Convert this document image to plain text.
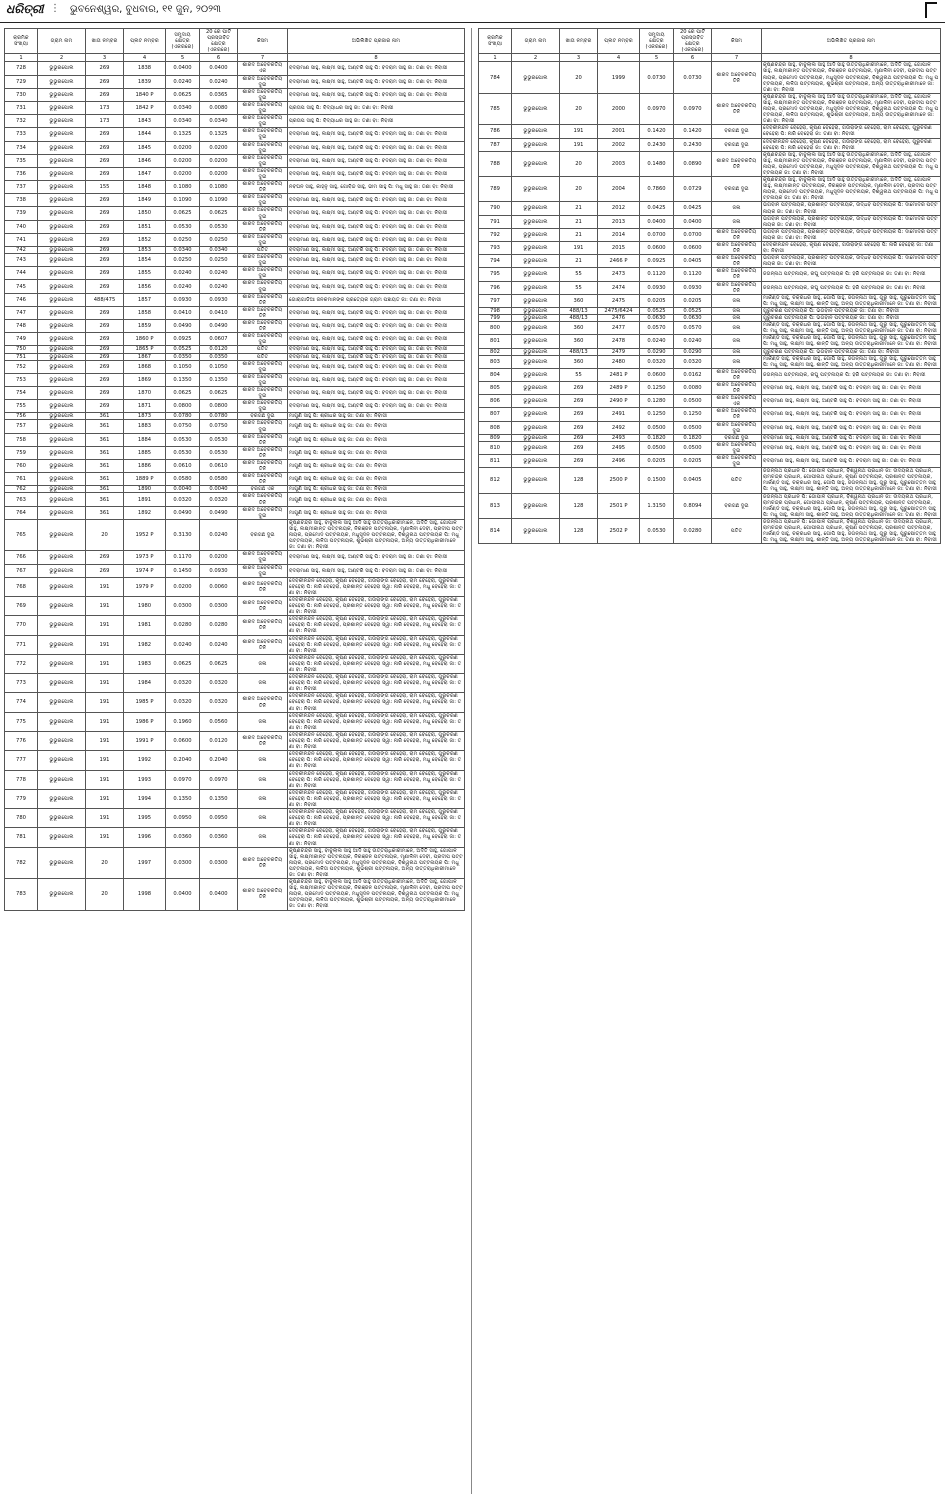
ଧରିତ୍ରୀ ⋮ ଭୁବନେଶ୍ୱର, ବୁଧବାର, ୧୧ ଜୁନ, ୨୦୨୩
କ୍ରମିକ ସଂଖ୍ୟା	ଗ୍ରାମ ନାମ	ଖାତା ନମ୍ବର	ପ୍ଲଟ ନମ୍ବର	ସମୁଦାୟ କ୍ଷେତ୍ର (ଏକରରେ)	20 ରେ ପାର୍ଟି ପ୍ରସ୍ତାବିତ କ୍ଷେତ୍ର (ଏକରରେ)	କିସମ	ଅଭିଲିଖିତ ପ୍ରଜାର ନାମ
1	2	3	4	5	6	7	8
728	ଭୁଭୁରପୋଲ	269	1838	0.0400	0.0400	ଶାରଦ ଅବେଚକତିୟ ଏକ	ବଦରାମାଣ ସାହୁ, ଲକ୍ଷ୍ମୀ ସାହୁ, ଅଣ୍ଟରି ସାହୁ ପି: ବଦରାମ ସାହୁ ଜା: ତଣା ବା: ନିବାସୀ
729	ଭୁଭୁରପୋଲ	269	1839	0.0240	0.0240	ଶାରଦ ଅବେଚକତିୟ ଦୁଇ	ବଦରାମାଣ ସାହୁ, ଲକ୍ଷ୍ମୀ ସାହୁ, ଅଣ୍ଟରି ସାହୁ ପି: ବଦରାମ ସାହୁ ଜା: ତଣା ବା: ନିବାସୀ
730	ଭୁଭୁରପୋଲ	269	1840 P	0.0625	0.0365	ଶାରଦ ଅବେଚକତିୟ ଦୁଇ	ବଦରାମାଣ ସାହୁ, ଲକ୍ଷ୍ମୀ ସାହୁ, ଅଣ୍ଟରି ସାହୁ ପି: ବଦରାମ ସାହୁ ଜା: ତଣା ବା: ନିବାସୀ
731	ଭୁଭୁରପୋଲ	173	1842 P	0.0340	0.0080	ଶାରଦ ଅବେଚକତିୟ ଦୁଇ	ପ୍ରତାପ ସାହୁ ପି: ବିଦ୍ୟାଧର ସାହୁ ଜା: ତଣା ବା: ନିବାସୀ
732	ଭୁଭୁରପୋଲ	173	1843	0.0340	0.0340	ଶାରଦ ଅବେଚକତିୟ ଦୁଇ	ପ୍ରତାପ ସାହୁ ପି: ବିଦ୍ୟାଧର ସାହୁ ଜା: ତଣା ବା: ନିବାସୀ
733	ଭୁଭୁରପୋଲ	269	1844	0.1325	0.1325	ଶାରଦ ଅବେଚକତିୟ ଦୁଇ	ବଦରାମାଣ ସାହୁ, ଲକ୍ଷ୍ମୀ ସାହୁ, ଅଣ୍ଟରି ସାହୁ ପି: ବଦରାମ ସାହୁ ଜା: ତଣା ବା: ନିବାସୀ
734	ଭୁଭୁରପୋଲ	269	1845	0.0200	0.0200	ଶାରଦ ଅବେଚକତିୟ ଦୁଇ	ବଦରାମାଣ ସାହୁ, ଲକ୍ଷ୍ମୀ ସାହୁ, ଅଣ୍ଟରି ସାହୁ ପି: ବଦରାମ ସାହୁ ଜା: ତଣା ବା: ନିବାସୀ
735	ଭୁଭୁରପୋଲ	269	1846	0.0200	0.0200	ଶାରଦ ଅବେଚକତିୟ ଦୁଇ	ବଦରାମାଣ ସାହୁ, ଲକ୍ଷ୍ମୀ ସାହୁ, ଅଣ୍ଟରି ସାହୁ ପି: ବଦରାମ ସାହୁ ଜା: ତଣା ବା: ନିବାସୀ
736	ଭୁଭୁରପୋଲ	269	1847	0.0200	0.0200	ଶାରଦ ଅବେଚକତିୟ ଦୁଇ	ବଦରାମାଣ ସାହୁ, ଲକ୍ଷ୍ମୀ ସାହୁ, ଅଣ୍ଟରି ସାହୁ ପି: ବଦରାମ ସାହୁ ଜା: ତଣା ବା: ନିବାସୀ
737	ଭୁଭୁରପୋଲ	155	1848	0.1080	0.1080	ଶାରଦ ଅବେଚକତିୟ ତିନି	ନବଘନ ସାହୁ, କାହ୍ନୁ ସାହୁ, ଗୋବିନ୍ଦ ସାହୁ, ଭୀମ ସାହୁ ପି: ମଧୁ ସାହୁ ଜା: ତଣା ବା: ନିବାସୀ
738	ଭୁଭୁରପୋଲ	269	1849	0.1090	0.1090	ଶାରଦ ଅବେଚକତିୟ ଦୁଇ	ବଦରାମାଣ ସାହୁ, ଲକ୍ଷ୍ମୀ ସାହୁ, ଅଣ୍ଟରି ସାହୁ ପି: ବଦରାମ ସାହୁ ଜା: ତଣା ବା: ନିବାସୀ
739	ଭୁଭୁରପୋଲ	269	1850	0.0625	0.0625	ଶାରଦ ଅବେଚକତିୟ ଦୁଇ	ବଦରାମାଣ ସାହୁ, ଲକ୍ଷ୍ମୀ ସାହୁ, ଅଣ୍ଟରି ସାହୁ ପି: ବଦରାମ ସାହୁ ଜା: ତଣା ବା: ନିବାସୀ
740	ଭୁଭୁରପୋଲ	269	1851	0.0530	0.0530	ଶାରଦ ଅବେଚକତିୟ ତିନି	ବଦରାମାଣ ସାହୁ, ଲକ୍ଷ୍ମୀ ସାହୁ, ଅଣ୍ଟରି ସାହୁ ପି: ବଦରାମ ସାହୁ ଜା: ତଣା ବା: ନିବାସୀ
741	ଭୁଭୁରପୋଲ	269	1852	0.0250	0.0250	ଶାରଦ ଅବେଚକତିୟ ଦୁଇ	ବଦରାମାଣ ସାହୁ, ଲକ୍ଷ୍ମୀ ସାହୁ, ଅଣ୍ଟରି ସାହୁ ପି: ବଦରାମ ସାହୁ ଜା: ତଣା ବା: ନିବାସୀ
742	ଭୁଭୁରପୋଲ	269	1853	0.0340	0.0340	ପତିତ	ବଦରାମାଣ ସାହୁ, ଲକ୍ଷ୍ମୀ ସାହୁ, ଅଣ୍ଟରି ସାହୁ ପି: ବଦରାମ ସାହୁ ଜା: ତଣା ବା: ନିବାସୀ
743	ଭୁଭୁରପୋଲ	269	1854	0.0250	0.0250	ଶାରଦ ଅବେଚକତିୟ ଦୁଇ	ବଦରାମାଣ ସାହୁ, ଲକ୍ଷ୍ମୀ ସାହୁ, ଅଣ୍ଟରି ସାହୁ ପି: ବଦରାମ ସାହୁ ଜା: ତଣା ବା: ନିବାସୀ
744	ଭୁଭୁରପୋଲ	269	1855	0.0240	0.0240	ଶାରଦ ଅବେଚକତିୟ ଦୁଇ	ବଦରାମାଣ ସାହୁ, ଲକ୍ଷ୍ମୀ ସାହୁ, ଅଣ୍ଟରି ସାହୁ ପି: ବଦରାମ ସାହୁ ଜା: ତଣା ବା: ନିବାସୀ
745	ଭୁଭୁରପୋଲ	269	1856	0.0240	0.0240	ଶାରଦ ଅବେଚକତିୟ ଦୁଇ	ବଦରାମାଣ ସାହୁ, ଲକ୍ଷ୍ମୀ ସାହୁ, ଅଣ୍ଟରି ସାହୁ ପି: ବଦରାମ ସାହୁ ଜା: ତଣା ବା: ନିବାସୀ
746	ଭୁଭୁରପୋଲ	488/475	1857	0.0930	0.0930	ଶାରଦ ଅବେଚକତିୟ ତିନି	ଗୋରାଗାଡିଆ ଜନକମାନଙ୍କ ପ୍ରତ୍ୟେକ ଗ୍ରାମ ପଞ୍ଚାୟତ ଜା: ତଣା ବା: ନିବାସୀ
747	ଭୁଭୁରପୋଲ	269	1858	0.0410	0.0410	ଶାରଦ ଅବେଚକତିୟ ତିନି	ବଦରାମାଣ ସାହୁ, ଲକ୍ଷ୍ମୀ ସାହୁ, ଅଣ୍ଟରି ସାହୁ ପି: ବଦରାମ ସାହୁ ଜା: ତଣା ବା: ନିବାସୀ
748	ଭୁଭୁରପୋଲ	269	1859	0.0490	0.0490	ଶାରଦ ଅବେଚକତିୟ ତିନି	ବଦରାମାଣ ସାହୁ, ଲକ୍ଷ୍ମୀ ସାହୁ, ଅଣ୍ଟରି ସାହୁ ପି: ବଦରାମ ସାହୁ ଜା: ତଣା ବା: ନିବାସୀ
749	ଭୁଭୁରପୋଲ	269	1860 P	0.0925	0.0607	ଶାରଦ ଅବେଚକତିୟ ଦୁଇ	ବଦରାମାଣ ସାହୁ, ଲକ୍ଷ୍ମୀ ସାହୁ, ଅଣ୍ଟରି ସାହୁ ପି: ବଦରାମ ସାହୁ ଜା: ତଣା ବା: ନିବାସୀ
750	ଭୁଭୁରପୋଲ	269	1865 P	0.0525	0.0120	ପତିତ	ବଦରାମାଣ ସାହୁ, ଲକ୍ଷ୍ମୀ ସାହୁ, ଅଣ୍ଟରି ସାହୁ ପି: ବଦରାମ ସାହୁ ଜା: ତଣା ବା: ନିବାସୀ
751	ଭୁଭୁରପୋଲ	269	1867	0.0350	0.0350	ପତିତ	ବଦରାମାଣ ସାହୁ, ଲକ୍ଷ୍ମୀ ସାହୁ, ଅଣ୍ଟରି ସାହୁ ପି: ବଦରାମ ସାହୁ ଜା: ତଣା ବା: ନିବାସୀ
752	ଭୁଭୁରପୋଲ	269	1868	0.1050	0.1050	ଶାରଦ ଅବେଚକତିୟ ଦୁଇ	ବଦରାମାଣ ସାହୁ, ଲକ୍ଷ୍ମୀ ସାହୁ, ଅଣ୍ଟରି ସାହୁ ପି: ବଦରାମ ସାହୁ ଜା: ତଣା ବା: ନିବାସୀ
753	ଭୁଭୁରପୋଲ	269	1869	0.1350	0.1350	ଶାରଦ ଅବେଚକତିୟ ଦୁଇ	ବଦରାମାଣ ସାହୁ, ଲକ୍ଷ୍ମୀ ସାହୁ, ଅଣ୍ଟରି ସାହୁ ପି: ବଦରାମ ସାହୁ ଜା: ତଣା ବା: ନିବାସୀ
754	ଭୁଭୁରପୋଲ	269	1870	0.0625	0.0625	ଶାରଦ ଅବେଚକତିୟ ଦୁଇ	ବଦରାମାଣ ସାହୁ, ଲକ୍ଷ୍ମୀ ସାହୁ, ଅଣ୍ଟରି ସାହୁ ପି: ବଦରାମ ସାହୁ ଜା: ତଣା ବା: ନିବାସୀ
755	ଭୁଭୁରପୋଲ	269	1871	0.0800	0.0800	ଶାରଦ ଅବେଚକତିୟ ଦୁଇ	ବଦରାମାଣ ସାହୁ, ଲକ୍ଷ୍ମୀ ସାହୁ, ଅଣ୍ଟରି ସାହୁ ପି: ବଦରାମ ସାହୁ ଜା: ତଣା ବା: ନିବାସୀ
756	ଭୁଭୁରପୋଲ	361	1873	0.0780	0.0780	ବରଗଛ ଦୁଇ	ମାଗୁଣି ସାହୁ ପି: ଶ୍ରୀଧର ସାହୁ ଜା: ତଣା ବା: ନିବାସୀ
757	ଭୁଭୁରପୋଲ	361	1883	0.0750	0.0750	ଶାରଦ ଅବେଚକତିୟ ଦୁଇ	ମାଗୁଣି ସାହୁ ପି: ଶ୍ରୀଧର ସାହୁ ଜା: ତଣା ବା: ନିବାସୀ
758	ଭୁଭୁରପୋଲ	361	1884	0.0530	0.0530	ଶାରଦ ଅବେଚକତିୟ ତିନି	ମାଗୁଣି ସାହୁ ପି: ଶ୍ରୀଧର ସାହୁ ଜା: ତଣା ବା: ନିବାସୀ
759	ଭୁଭୁରପୋଲ	361	1885	0.0530	0.0530	ଶାରଦ ଅବେଚକତିୟ ତିନି	ମାଗୁଣି ସାହୁ ପି: ଶ୍ରୀଧର ସାହୁ ଜା: ତଣା ବା: ନିବାସୀ
760	ଭୁଭୁରପୋଲ	361	1886	0.0610	0.0610	ଶାରଦ ଅବେଚକତିୟ ତିନି	ମାଗୁଣି ସାହୁ ପି: ଶ୍ରୀଧର ସାହୁ ଜା: ତଣା ବା: ନିବାସୀ
761	ଭୁଭୁରପୋଲ	361	1889 P	0.0580	0.0580	ଶାରଦ ଅବେଚକତିୟ ତିନି	ମାଗୁଣି ସାହୁ ପି: ଶ୍ରୀଧର ସାହୁ ଜା: ତଣା ବା: ନିବାସୀ
762	ଭୁଭୁରପୋଲ	361	1890	0.0040	0.0040	ବରଗଛ ଏକ	ମାଗୁଣି ସାହୁ ପି: ଶ୍ରୀଧର ସାହୁ ଜା: ତଣା ବା: ନିବାସୀ
763	ଭୁଭୁରପୋଲ	361	1891	0.0320	0.0320	ଶାରଦ ଅବେଚକତିୟ ତିନି	ମାଗୁଣି ସାହୁ ପି: ଶ୍ରୀଧର ସାହୁ ଜା: ତଣା ବା: ନିବାସୀ
764	ଭୁଭୁରପୋଲ	361	1892	0.0490	0.0490	ଶାରଦ ଅବେଚକତିୟ ଦୁଇ	ମାଗୁଣି ସାହୁ ପି: ଶ୍ରୀଧର ସାହୁ ଜା: ତଣା ବା: ନିବାସୀ
765	ଭୁଭୁରପୋଲ	20	1952 P	0.3130	0.0240	ବରଗଛ ଦୁଇ	କୃଷ୍ଣଚନ୍ଦ୍ର ସାହୁ, ବାବୁଲାଲ ସାହୁ ଆଦି ସାହୁ ଉତ୍ତରାଧିକାରୀମାନେ, ଅଦିତି ସାହୁ, ଗୋପାଳ ସାହୁ, ଲକ୍ଷ୍ମୀକାନ୍ତ ପଟ୍ଟନାୟକ, ନିରଞ୍ଜନ ପଟ୍ଟନାୟକ, ମୃଣାଳିନୀ ଦେବୀ, ପ୍ରଦୀପ ପଟ୍ଟନାୟକ, ପ୍ରମୋଦ ପଟ୍ଟନାୟକ, ମଧୁସୂଦନ ପଟ୍ଟନାୟକ, ବିଶ୍ୱନାଥ ପଟ୍ଟନାୟକ ପି: ମଧୁ ପଟ୍ଟନାୟକ, ଲଳିତା ପଟ୍ଟନାୟକ, ଶୁଭଶ୍ରୀ ପଟ୍ଟନାୟକ, ଅନ୍ୟ ଉତ୍ତରାଧିକାରୀମାନେ ଜା: ତଣା ବା: ନିବାସୀ
766	ଭୁଭୁରପୋଲ	269	1973 P	0.1170	0.0200	ଶାରଦ ଅବେଚକତିୟ ଦୁଇ	ବଦରାମାଣ ସାହୁ, ଲକ୍ଷ୍ମୀ ସାହୁ, ଅଣ୍ଟରି ସାହୁ ପି: ବଦରାମ ସାହୁ ଜା: ତଣା ବା: ନିବାସୀ
767	ଭୁଭୁରପୋଲ	269	1974 P	0.1450	0.0930	ଶାରଦ ଅବେଚକତିୟ ଦୁଇ	ବଦରାମାଣ ସାହୁ, ଲକ୍ଷ୍ମୀ ସାହୁ, ଅଣ୍ଟରି ସାହୁ ପି: ବଦରାମ ସାହୁ ଜା: ତଣା ବା: ନିବାସୀ
768	ଭୁଭୁରପୋଲ	191	1979 P	0.0200	0.0060	ଶାରଦ ଅବେଚକତିୟ ତିନି	ଦେବକୀନନ୍ଦନ ବେହେରା, କୃଷ୍ଣ ବେହେରା, ଗଉରାଙ୍ଗ ବେହେରା, ରାମ ବେହେରା, ଗୁରୁଚରଣ ବେହେରା ପି: ନାରି ବେହେରା, ପ୍ରଶାନ୍ତ ବେହେରା ସ୍ୱା: ନାରି ବେହେରା, ମଧୁ ବେହେରା ଜା: ତଣା ବା: ନିବାସୀ
769	ଭୁଭୁରପୋଲ	191	1980	0.0300	0.0300	ଶାରଦ ଅବେଚକତିୟ ତିନି	ଦେବକୀନନ୍ଦନ ବେହେରା, କୃଷ୍ଣ ବେହେରା, ଗଉରାଙ୍ଗ ବେହେରା, ରାମ ବେହେରା, ଗୁରୁଚରଣ ବେହେରା ପି: ନାରି ବେହେରା, ପ୍ରଶାନ୍ତ ବେହେରା ସ୍ୱା: ନାରି ବେହେରା, ମଧୁ ବେହେରା ଜା: ତଣା ବା: ନିବାସୀ
770	ଭୁଭୁରପୋଲ	191	1981	0.0280	0.0280	ଶାରଦ ଅବେଚକତିୟ ତିନି	ଦେବକୀନନ୍ଦନ ବେହେରା, କୃଷ୍ଣ ବେହେରା, ଗଉରାଙ୍ଗ ବେହେରା, ରାମ ବେହେରା, ଗୁରୁଚରଣ ବେହେରା ପି: ନାରି ବେହେରା, ପ୍ରଶାନ୍ତ ବେହେରା ସ୍ୱା: ନାରି ବେହେରା, ମଧୁ ବେହେରା ଜା: ତଣା ବା: ନିବାସୀ
771	ଭୁଭୁରପୋଲ	191	1982	0.0240	0.0240	ଶାରଦ ଅବେଚକତିୟ ତିନି	ଦେବକୀନନ୍ଦନ ବେହେରା, କୃଷ୍ଣ ବେହେରା, ଗଉରାଙ୍ଗ ବେହେରା, ରାମ ବେହେରା, ଗୁରୁଚରଣ ବେହେରା ପି: ନାରି ବେହେରା, ପ୍ରଶାନ୍ତ ବେହେରା ସ୍ୱା: ନାରି ବେହେରା, ମଧୁ ବେହେରା ଜା: ତଣା ବା: ନିବାସୀ
772	ଭୁଭୁରପୋଲ	191	1983	0.0625	0.0625	ଜଳା	ଦେବକୀନନ୍ଦନ ବେହେରା, କୃଷ୍ଣ ବେହେରା, ଗଉରାଙ୍ଗ ବେହେରା, ରାମ ବେହେରା, ଗୁରୁଚରଣ ବେହେରା ପି: ନାରି ବେହେରା, ପ୍ରଶାନ୍ତ ବେହେରା ସ୍ୱା: ନାରି ବେହେରା, ମଧୁ ବେହେରା ଜା: ତଣା ବା: ନିବାସୀ
773	ଭୁଭୁରପୋଲ	191	1984	0.0320	0.0320	ଜଳା	ଦେବକୀନନ୍ଦନ ବେହେରା, କୃଷ୍ଣ ବେହେରା, ଗଉରାଙ୍ଗ ବେହେରା, ରାମ ବେହେରା, ଗୁରୁଚରଣ ବେହେରା ପି: ନାରି ବେହେରା, ପ୍ରଶାନ୍ତ ବେହେରା ସ୍ୱା: ନାରି ବେହେରା, ମଧୁ ବେହେରା ଜା: ତଣା ବା: ନିବାସୀ
774	ଭୁଭୁରପୋଲ	191	1985 P	0.0320	0.0320	ଶାରଦ ଅବେଚକତିୟ ତିନି	ଦେବକୀନନ୍ଦନ ବେହେରା, କୃଷ୍ଣ ବେହେରା, ଗଉରାଙ୍ଗ ବେହେରା, ରାମ ବେହେରା, ଗୁରୁଚରଣ ବେହେରା ପି: ନାରି ବେହେରା, ପ୍ରଶାନ୍ତ ବେହେରା ସ୍ୱା: ନାରି ବେହେରା, ମଧୁ ବେହେରା ଜା: ତଣା ବା: ନିବାସୀ
775	ଭୁଭୁରପୋଲ	191	1986 P	0.1960	0.0560	ଜଳା	ଦେବକୀନନ୍ଦନ ବେହେରା, କୃଷ୍ଣ ବେହେରା, ଗଉରାଙ୍ଗ ବେହେରା, ରାମ ବେହେରା, ଗୁରୁଚରଣ ବେହେରା ପି: ନାରି ବେହେରା, ପ୍ରଶାନ୍ତ ବେହେରା ସ୍ୱା: ନାରି ବେହେରା, ମଧୁ ବେହେରା ଜା: ତଣା ବା: ନିବାସୀ
776	ଭୁଭୁରପୋଲ	191	1991 P	0.0600	0.0120	ଶାରଦ ଅବେଚକତିୟ ତିନି	ଦେବକୀନନ୍ଦନ ବେହେରା, କୃଷ୍ଣ ବେହେରା, ଗଉରାଙ୍ଗ ବେହେରା, ରାମ ବେହେରା, ଗୁରୁଚରଣ ବେହେରା ପି: ନାରି ବେହେରା, ପ୍ରଶାନ୍ତ ବେହେରା ସ୍ୱା: ନାରି ବେହେରା, ମଧୁ ବେହେରା ଜା: ତଣା ବା: ନିବାସୀ
777	ଭୁଭୁରପୋଲ	191	1992	0.2040	0.2040	ଜଳା	ଦେବକୀନନ୍ଦନ ବେହେରା, କୃଷ୍ଣ ବେହେରା, ଗଉରାଙ୍ଗ ବେହେରା, ରାମ ବେହେରା, ଗୁରୁଚରଣ ବେହେରା ପି: ନାରି ବେହେରା, ପ୍ରଶାନ୍ତ ବେହେରା ସ୍ୱା: ନାରି ବେହେରା, ମଧୁ ବେହେରା ଜା: ତଣା ବା: ନିବାସୀ
778	ଭୁଭୁରପୋଲ	191	1993	0.0970	0.0970	ଜଳା	ଦେବକୀନନ୍ଦନ ବେହେରା, କୃଷ୍ଣ ବେହେରା, ଗଉରାଙ୍ଗ ବେହେରା, ରାମ ବେହେରା, ଗୁରୁଚରଣ ବେହେରା ପି: ନାରି ବେହେରା, ପ୍ରଶାନ୍ତ ବେହେରା ସ୍ୱା: ନାରି ବେହେରା, ମଧୁ ବେହେରା ଜା: ତଣା ବା: ନିବାସୀ
779	ଭୁଭୁରପୋଲ	191	1994	0.1350	0.1350	ଜଳା	ଦେବକୀନନ୍ଦନ ବେହେରା, କୃଷ୍ଣ ବେହେରା, ଗଉରାଙ୍ଗ ବେହେରା, ରାମ ବେହେରା, ଗୁରୁଚରଣ ବେହେରା ପି: ନାରି ବେହେରା, ପ୍ରଶାନ୍ତ ବେହେରା ସ୍ୱା: ନାରି ବେହେରା, ମଧୁ ବେହେରା ଜା: ତଣା ବା: ନିବାସୀ
780	ଭୁଭୁରପୋଲ	191	1995	0.0950	0.0950	ଜଳା	ଦେବକୀନନ୍ଦନ ବେହେରା, କୃଷ୍ଣ ବେହେରା, ଗଉରାଙ୍ଗ ବେହେରା, ରାମ ବେହେରା, ଗୁରୁଚରଣ ବେହେରା ପି: ନାରି ବେହେରା, ପ୍ରଶାନ୍ତ ବେହେରା ସ୍ୱା: ନାରି ବେହେରା, ମଧୁ ବେହେରା ଜା: ତଣା ବା: ନିବାସୀ
781	ଭୁଭୁରପୋଲ	191	1996	0.0360	0.0360	ଜଳା	ଦେବକୀନନ୍ଦନ ବେହେରା, କୃଷ୍ଣ ବେହେରା, ଗଉରାଙ୍ଗ ବେହେରା, ରାମ ବେହେରା, ଗୁରୁଚରଣ ବେହେରା ପି: ନାରି ବେହେରା, ପ୍ରଶାନ୍ତ ବେହେରା ସ୍ୱା: ନାରି ବେହେରା, ମଧୁ ବେହେରା ଜା: ତଣା ବା: ନିବାସୀ
782	ଭୁଭୁରପୋଲ	20	1997	0.0300	0.0300	ଶାରଦ ଅବେଚକତିୟ ତିନି	କୃଷ୍ଣଚନ୍ଦ୍ର ସାହୁ, ବାବୁଲାଲ ସାହୁ ଆଦି ସାହୁ ଉତ୍ତରାଧିକାରୀମାନେ, ଅଦିତି ସାହୁ, ଗୋପାଳ ସାହୁ, ଲକ୍ଷ୍ମୀକାନ୍ତ ପଟ୍ଟନାୟକ, ନିରଞ୍ଜନ ପଟ୍ଟନାୟକ, ମୃଣାଳିନୀ ଦେବୀ, ପ୍ରଦୀପ ପଟ୍ଟନାୟକ, ପ୍ରମୋଦ ପଟ୍ଟନାୟକ, ମଧୁସୂଦନ ପଟ୍ଟନାୟକ, ବିଶ୍ୱନାଥ ପଟ୍ଟନାୟକ ପି: ମଧୁ ପଟ୍ଟନାୟକ, ଲଳିତା ପଟ୍ଟନାୟକ, ଶୁଭଶ୍ରୀ ପଟ୍ଟନାୟକ, ଅନ୍ୟ ଉତ୍ତରାଧିକାରୀମାନେ ଜା: ତଣା ବା: ନିବାସୀ
783	ଭୁଭୁରପୋଲ	20	1998	0.0400	0.0400	ଶାରଦ ଅବେଚକତିୟ ତିନି	କୃଷ୍ଣଚନ୍ଦ୍ର ସାହୁ, ବାବୁଲାଲ ସାହୁ ଆଦି ସାହୁ ଉତ୍ତରାଧିକାରୀମାନେ, ଅଦିତି ସାହୁ, ଗୋପାଳ ସାହୁ, ଲକ୍ଷ୍ମୀକାନ୍ତ ପଟ୍ଟନାୟକ, ନିରଞ୍ଜନ ପଟ୍ଟନାୟକ, ମୃଣାଳିନୀ ଦେବୀ, ପ୍ରଦୀପ ପଟ୍ଟନାୟକ, ପ୍ରମୋଦ ପଟ୍ଟନାୟକ, ମଧୁସୂଦନ ପଟ୍ଟନାୟକ, ବିଶ୍ୱନାଥ ପଟ୍ଟନାୟକ ପି: ମଧୁ ପଟ୍ଟନାୟକ, ଲଳିତା ପଟ୍ଟନାୟକ, ଶୁଭଶ୍ରୀ ପଟ୍ଟନାୟକ, ଅନ୍ୟ ଉତ୍ତରାଧିକାରୀମାନେ ଜା: ତଣା ବା: ନିବାସୀ
କ୍ରମିକ ସଂଖ୍ୟା	ଗ୍ରାମ ନାମ	ଖାତା ନମ୍ବର	ପ୍ଲଟ ନମ୍ବର	ସମୁଦାୟ କ୍ଷେତ୍ର (ଏକରରେ)	20 ରେ ପାର୍ଟି ପ୍ରସ୍ତାବିତ କ୍ଷେତ୍ର (ଏକରରେ)	କିସମ	ଅଭିଲିଖିତ ପ୍ରଜାର ନାମ
1	2	3	4	5	6	7	8
784	ଭୁଭୁରପୋଲ	20	1999	0.0730	0.0730	ଶାରଦ ଅବେଚକତିୟ ତିନି	କୃଷ୍ଣଚନ୍ଦ୍ର ସାହୁ, ବାବୁଲାଲ ସାହୁ ଆଦି ସାହୁ ଉତ୍ତରାଧିକାରୀମାନେ, ଅଦିତି ସାହୁ, ଗୋପାଳ ସାହୁ, ଲକ୍ଷ୍ମୀକାନ୍ତ ପଟ୍ଟନାୟକ, ନିରଞ୍ଜନ ପଟ୍ଟନାୟକ, ମୃଣାଳିନୀ ଦେବୀ, ପ୍ରଦୀପ ପଟ୍ଟନାୟକ, ପ୍ରମୋଦ ପଟ୍ଟନାୟକ, ମଧୁସୂଦନ ପଟ୍ଟନାୟକ, ବିଶ୍ୱନାଥ ପଟ୍ଟନାୟକ ପି: ମଧୁ ପଟ୍ଟନାୟକ, ଲଳିତା ପଟ୍ଟନାୟକ, ଶୁଭଶ୍ରୀ ପଟ୍ଟନାୟକ, ଅନ୍ୟ ଉତ୍ତରାଧିକାରୀମାନେ ଜା: ତଣା ବା: ନିବାସୀ
785	ଭୁଭୁରପୋଲ	20	2000	0.0970	0.0970	ଶାରଦ ଅବେଚକତିୟ ତିନି	କୃଷ୍ଣଚନ୍ଦ୍ର ସାହୁ, ବାବୁଲାଲ ସାହୁ ଆଦି ସାହୁ ଉତ୍ତରାଧିକାରୀମାନେ, ଅଦିତି ସାହୁ, ଗୋପାଳ ସାହୁ, ଲକ୍ଷ୍ମୀକାନ୍ତ ପଟ୍ଟନାୟକ, ନିରଞ୍ଜନ ପଟ୍ଟନାୟକ, ମୃଣାଳିନୀ ଦେବୀ, ପ୍ରଦୀପ ପଟ୍ଟନାୟକ, ପ୍ରମୋଦ ପଟ୍ଟନାୟକ, ମଧୁସୂଦନ ପଟ୍ଟନାୟକ, ବିଶ୍ୱନାଥ ପଟ୍ଟନାୟକ ପି: ମଧୁ ପଟ୍ଟନାୟକ, ଲଳିତା ପଟ୍ଟନାୟକ, ଶୁଭଶ୍ରୀ ପଟ୍ଟନାୟକ, ଅନ୍ୟ ଉତ୍ତରାଧିକାରୀମାନେ ଜା: ତଣା ବା: ନିବାସୀ
786	ଭୁଭୁରପୋଲ	191	2001	0.1420	0.1420	ବରଗଛ ଦୁଇ	ଦେବକୀନନ୍ଦନ ବେହେରା, କୃଷ୍ଣ ବେହେରା, ଗଉରାଙ୍ଗ ବେହେରା, ରାମ ବେହେରା, ଗୁରୁଚରଣ ବେହେରା ପି: ନାରି ବେହେରା ଜା: ତଣା ବା: ନିବାସୀ
787	ଭୁଭୁରପୋଲ	191	2002	0.2430	0.2430	ବରଗଛ ଦୁଇ	ଦେବକୀନନ୍ଦନ ବେହେରା, କୃଷ୍ଣ ବେହେରା, ଗଉରାଙ୍ଗ ବେହେରା, ରାମ ବେହେରା, ଗୁରୁଚରଣ ବେହେରା ପି: ନାରି ବେହେରା ଜା: ତଣା ବା: ନିବାସୀ
788	ଭୁଭୁରପୋଲ	20	2003	0.1480	0.0890	ଶାରଦ ଅବେଚକତିୟ ତିନି	କୃଷ୍ଣଚନ୍ଦ୍ର ସାହୁ, ବାବୁଲାଲ ସାହୁ ଆଦି ସାହୁ ଉତ୍ତରାଧିକାରୀମାନେ, ଅଦିତି ସାହୁ, ଗୋପାଳ ସାହୁ, ଲକ୍ଷ୍ମୀକାନ୍ତ ପଟ୍ଟନାୟକ, ନିରଞ୍ଜନ ପଟ୍ଟନାୟକ, ମୃଣାଳିନୀ ଦେବୀ, ପ୍ରଦୀପ ପଟ୍ଟନାୟକ, ପ୍ରମୋଦ ପଟ୍ଟନାୟକ, ମଧୁସୂଦନ ପଟ୍ଟନାୟକ, ବିଶ୍ୱନାଥ ପଟ୍ଟନାୟକ ପି: ମଧୁ ପଟ୍ଟନାୟକ ଜା: ତଣା ବା: ନିବାସୀ
789	ଭୁଭୁରପୋଲ	20	2004	0.7860	0.0729	ବରଗଛ ଦୁଇ	କୃଷ୍ଣଚନ୍ଦ୍ର ସାହୁ, ବାବୁଲାଲ ସାହୁ ଆଦି ସାହୁ ଉତ୍ତରାଧିକାରୀମାନେ, ଅଦିତି ସାହୁ, ଗୋପାଳ ସାହୁ, ଲକ୍ଷ୍ମୀକାନ୍ତ ପଟ୍ଟନାୟକ, ନିରଞ୍ଜନ ପଟ୍ଟନାୟକ, ମୃଣାଳିନୀ ଦେବୀ, ପ୍ରଦୀପ ପଟ୍ଟନାୟକ, ପ୍ରମୋଦ ପଟ୍ଟନାୟକ, ମଧୁସୂଦନ ପଟ୍ଟନାୟକ, ବିଶ୍ୱନାଥ ପଟ୍ଟନାୟକ ପି: ମଧୁ ପଟ୍ଟନାୟକ ଜା: ତଣା ବା: ନିବାସୀ
790	ଭୁଭୁରପୋଲ	21	2012	0.0425	0.0425	ଜଳା	ଭଗବାନ ପଟ୍ଟନାୟକ, ପ୍ରଶାନ୍ତ ପଟ୍ଟନାୟକ, ଉଦ୍ଧବ ପଟ୍ଟନାୟକ ପି: ଦାମୋଦର ପଟ୍ଟନାୟକ ଜା: ତଣା ବା: ନିବାସୀ
791	ଭୁଭୁରପୋଲ	21	2013	0.0400	0.0400	ଜଳା	ଭଗବାନ ପଟ୍ଟନାୟକ, ପ୍ରଶାନ୍ତ ପଟ୍ଟନାୟକ, ଉଦ୍ଧବ ପଟ୍ଟନାୟକ ପି: ଦାମୋଦର ପଟ୍ଟନାୟକ ଜା: ତଣା ବା: ନିବାସୀ
792	ଭୁଭୁରପୋଲ	21	2014	0.0700	0.0700	ଶାରଦ ଅବେଚକତିୟ ତିନି	ଭଗବାନ ପଟ୍ଟନାୟକ, ପ୍ରଶାନ୍ତ ପଟ୍ଟନାୟକ, ଉଦ୍ଧବ ପଟ୍ଟନାୟକ ପି: ଦାମୋଦର ପଟ୍ଟନାୟକ ଜା: ତଣା ବା: ନିବାସୀ
793	ଭୁଭୁରପୋଲ	191	2015	0.0600	0.0600	ଶାରଦ ଅବେଚକତିୟ ତିନି	ଦେବକୀନନ୍ଦନ ବେହେରା, କୃଷ୍ଣ ବେହେରା, ଗଉରାଙ୍ଗ ବେହେରା ପି: ନାରି ବେହେରା ଜା: ତଣା ବା: ନିବାସୀ
794	ଭୁଭୁରପୋଲ	21	2466 P	0.0925	0.0405	ଶାରଦ ଅବେଚକତିୟ ତିନି	ଭଗବାନ ପଟ୍ଟନାୟକ, ପ୍ରଶାନ୍ତ ପଟ୍ଟନାୟକ, ଉଦ୍ଧବ ପଟ୍ଟନାୟକ ପି: ଦାମୋଦର ପଟ୍ଟନାୟକ ଜା: ତଣା ବା: ନିବାସୀ
795	ଭୁଭୁରପୋଲ	55	2473	0.1120	0.1120	ଶାରଦ ଅବେଚକତିୟ ତିନି	ଜଗନ୍ନାଥ ପଟ୍ଟନାୟକ, ରଘୁ ପଟ୍ଟନାୟକ ପି: ହରି ପଟ୍ଟନାୟକ ଜା: ତଣା ବା: ନିବାସୀ
796	ଭୁଭୁରପୋଲ	55	2474	0.0930	0.0930	ଶାରଦ ଅବେଚକତିୟ ତିନି	ଜଗନ୍ନାଥ ପଟ୍ଟନାୟକ, ରଘୁ ପଟ୍ଟନାୟକ ପି: ହରି ପଟ୍ଟନାୟକ ଜା: ତଣା ବା: ନିବାସୀ
797	ଭୁଭୁରପୋଲ	360	2475	0.0205	0.0205	ଜଳା	ମାର୍କଣ୍ଡ ସାହୁ, ଚକ୍ରଧର ସାହୁ, ଗୋପି ସାହୁ, ଜଗନ୍ନାଥ ସାହୁ, ଗୁରୁ ସାହୁ, ପୁରୁଷୋତ୍ତମ ସାହୁ ପି: ମଧୁ ସାହୁ, ଲକ୍ଷ୍ମୀ ସାହୁ, ଶାନ୍ତି ସାହୁ, ଅନ୍ୟ ଉତ୍ତରାଧିକାରୀମାନେ ଜା: ତଣା ବା: ନିବାସୀ
798	ଭୁଭୁରପୋଲ	488/13	2475/6424	0.0525	0.0525	ଜଳା	ଗୁରୁଚରଣ ପଟ୍ଟନାୟକ ପି: ଭଗବାନ ପଟ୍ଟନାୟକ ଜା: ତଣା ବା: ନିବାସୀ
799	ଭୁଭୁରପୋଲ	488/13	2476	0.0630	0.0630	ଜଳା	ଗୁରୁଚରଣ ପଟ୍ଟନାୟକ ପି: ଭଗବାନ ପଟ୍ଟନାୟକ ଜା: ତଣା ବା: ନିବାସୀ
800	ଭୁଭୁରପୋଲ	360	2477	0.0570	0.0570	ଜଳା	ମାର୍କଣ୍ଡ ସାହୁ, ଚକ୍ରଧର ସାହୁ, ଗୋପି ସାହୁ, ଜଗନ୍ନାଥ ସାହୁ, ଗୁରୁ ସାହୁ, ପୁରୁଷୋତ୍ତମ ସାହୁ ପି: ମଧୁ ସାହୁ, ଲକ୍ଷ୍ମୀ ସାହୁ, ଶାନ୍ତି ସାହୁ, ଅନ୍ୟ ଉତ୍ତରାଧିକାରୀମାନେ ଜା: ତଣା ବା: ନିବାସୀ
801	ଭୁଭୁରପୋଲ	360	2478	0.0240	0.0240	ଜଳା	ମାର୍କଣ୍ଡ ସାହୁ, ଚକ୍ରଧର ସାହୁ, ଗୋପି ସାହୁ, ଜଗନ୍ନାଥ ସାହୁ, ଗୁରୁ ସାହୁ, ପୁରୁଷୋତ୍ତମ ସାହୁ ପି: ମଧୁ ସାହୁ, ଲକ୍ଷ୍ମୀ ସାହୁ, ଶାନ୍ତି ସାହୁ, ଅନ୍ୟ ଉତ୍ତରାଧିକାରୀମାନେ ଜା: ତଣା ବା: ନିବାସୀ
802	ଭୁଭୁରପୋଲ	488/13	2479	0.0290	0.0290	ଜଳା	ଗୁରୁଚରଣ ପଟ୍ଟନାୟକ ପି: ଭଗବାନ ପଟ୍ଟନାୟକ ଜା: ତଣା ବା: ନିବାସୀ
803	ଭୁଭୁରପୋଲ	360	2480	0.0320	0.0320	ଜଳା	ମାର୍କଣ୍ଡ ସାହୁ, ଚକ୍ରଧର ସାହୁ, ଗୋପି ସାହୁ, ଜଗନ୍ନାଥ ସାହୁ, ଗୁରୁ ସାହୁ, ପୁରୁଷୋତ୍ତମ ସାହୁ ପି: ମଧୁ ସାହୁ, ଲକ୍ଷ୍ମୀ ସାହୁ, ଶାନ୍ତି ସାହୁ, ଅନ୍ୟ ଉତ୍ତରାଧିକାରୀମାନେ ଜା: ତଣା ବା: ନିବାସୀ
804	ଭୁଭୁରପୋଲ	55	2481 P	0.0600	0.0162	ଶାରଦ ଅବେଚକତିୟ ତିନି	ଜଗନ୍ନାଥ ପଟ୍ଟନାୟକ, ରଘୁ ପଟ୍ଟନାୟକ ପି: ହରି ପଟ୍ଟନାୟକ ଜା: ତଣା ବା: ନିବାସୀ
805	ଭୁଭୁରପୋଲ	269	2489 P	0.1250	0.0080	ଶାରଦ ଅବେଚକତିୟ ତିନି	ବଦରାମାଣ ସାହୁ, ଲକ୍ଷ୍ମୀ ସାହୁ, ଅଣ୍ଟରି ସାହୁ ପି: ବଦରାମ ସାହୁ ଜା: ତଣା ବା: ନିବାସୀ
806	ଭୁଭୁରପୋଲ	269	2490 P	0.1280	0.0500	ଶାରଦ ଅବେଚକତିୟ ଏକ	ବଦରାମାଣ ସାହୁ, ଲକ୍ଷ୍ମୀ ସାହୁ, ଅଣ୍ଟରି ସାହୁ ପି: ବଦରାମ ସାହୁ ଜା: ତଣା ବା: ନିବାସୀ
807	ଭୁଭୁରପୋଲ	269	2491	0.1250	0.1250	ଶାରଦ ଅବେଚକତିୟ ତିନି	ବଦରାମାଣ ସାହୁ, ଲକ୍ଷ୍ମୀ ସାହୁ, ଅଣ୍ଟରି ସାହୁ ପି: ବଦରାମ ସାହୁ ଜା: ତଣା ବା: ନିବାସୀ
808	ଭୁଭୁରପୋଲ	269	2492	0.0500	0.0500	ଶାରଦ ଅବେଚକତିୟ ଦୁଇ	ବଦରାମାଣ ସାହୁ, ଲକ୍ଷ୍ମୀ ସାହୁ, ଅଣ୍ଟରି ସାହୁ ପି: ବଦରାମ ସାହୁ ଜା: ତଣା ବା: ନିବାସୀ
809	ଭୁଭୁରପୋଲ	269	2493	0.1820	0.1820	ବରଗଛ ଦୁଇ	ବଦରାମାଣ ସାହୁ, ଲକ୍ଷ୍ମୀ ସାହୁ, ଅଣ୍ଟରି ସାହୁ ପି: ବଦରାମ ସାହୁ ଜା: ତଣା ବା: ନିବାସୀ
810	ଭୁଭୁରପୋଲ	269	2495	0.0500	0.0500	ଶାରଦ ଅବେଚକତିୟ ଦୁଇ	ବଦରାମାଣ ସାହୁ, ଲକ୍ଷ୍ମୀ ସାହୁ, ଅଣ୍ଟରି ସାହୁ ପି: ବଦରାମ ସାହୁ ଜା: ତଣା ବା: ନିବାସୀ
811	ଭୁଭୁରପୋଲ	269	2496	0.0205	0.0205	ଶାରଦ ଅବେଚକତିୟ ଦୁଇ	ବଦରାମାଣ ସାହୁ, ଲକ୍ଷ୍ମୀ ସାହୁ, ଅଣ୍ଟରି ସାହୁ ପି: ବଦରାମ ସାହୁ ଜା: ତଣା ବା: ନିବାସୀ
812	ଭୁଭୁରପୋଲ	128	2500 P	0.1500	0.0405	ପତିତ	ଜଗନ୍ନାଥ ପ୍ରଧାନ ପି: ଗୋପାଳ ପ୍ରଧାନ, ବିଶ୍ୱନାଥ ପ୍ରଧାନ ଜା: ଉଦୟନାଥ ପ୍ରଧାନ, ରାମଚନ୍ଦ୍ର ପ୍ରଧାନ, ଗୋପୀନାଥ ପ୍ରଧାନ, କୃଷ୍ଣ ପଟ୍ଟନାୟକ, ପ୍ରଶାନ୍ତ ପଟ୍ଟନାୟକ, ମାର୍କଣ୍ଡ ସାହୁ, ଚକ୍ରଧର ସାହୁ, ଗୋପି ସାହୁ, ଜଗନ୍ନାଥ ସାହୁ, ଗୁରୁ ସାହୁ, ପୁରୁଷୋତ୍ତମ ସାହୁ ପି: ମଧୁ ସାହୁ, ଲକ୍ଷ୍ମୀ ସାହୁ, ଶାନ୍ତି ସାହୁ, ଅନ୍ୟ ଉତ୍ତରାଧିକାରୀମାନେ ଜା: ତଣା ବା: ନିବାସୀ
813	ଭୁଭୁରପୋଲ	128	2501 P	1.3150	0.8094	ବରଗଛ ଦୁଇ	ଜଗନ୍ନାଥ ପ୍ରଧାନ ପି: ଗୋପାଳ ପ୍ରଧାନ, ବିଶ୍ୱନାଥ ପ୍ରଧାନ ଜା: ଉଦୟନାଥ ପ୍ରଧାନ, ରାମଚନ୍ଦ୍ର ପ୍ରଧାନ, ଗୋପୀନାଥ ପ୍ରଧାନ, କୃଷ୍ଣ ପଟ୍ଟନାୟକ, ପ୍ରଶାନ୍ତ ପଟ୍ଟନାୟକ, ମାର୍କଣ୍ଡ ସାହୁ, ଚକ୍ରଧର ସାହୁ, ଗୋପି ସାହୁ, ଜଗନ୍ନାଥ ସାହୁ, ଗୁରୁ ସାହୁ, ପୁରୁଷୋତ୍ତମ ସାହୁ ପି: ମଧୁ ସାହୁ, ଲକ୍ଷ୍ମୀ ସାହୁ, ଶାନ୍ତି ସାହୁ, ଅନ୍ୟ ଉତ୍ତରାଧିକାରୀମାନେ ଜା: ତଣା ବା: ନିବାସୀ
814	ଭୁଭୁରପୋଲ	128	2502 P	0.0530	0.0280	ପତିତ	ଜଗନ୍ନାଥ ପ୍ରଧାନ ପି: ଗୋପାଳ ପ୍ରଧାନ, ବିଶ୍ୱନାଥ ପ୍ରଧାନ ଜା: ଉଦୟନାଥ ପ୍ରଧାନ, ରାମଚନ୍ଦ୍ର ପ୍ରଧାନ, ଗୋପୀନାଥ ପ୍ରଧାନ, କୃଷ୍ଣ ପଟ୍ଟନାୟକ, ପ୍ରଶାନ୍ତ ପଟ୍ଟନାୟକ, ମାର୍କଣ୍ଡ ସାହୁ, ଚକ୍ରଧର ସାହୁ, ଗୋପି ସାହୁ, ଜଗନ୍ନାଥ ସାହୁ, ଗୁରୁ ସାହୁ, ପୁରୁଷୋତ୍ତମ ସାହୁ ପି: ମଧୁ ସାହୁ, ଲକ୍ଷ୍ମୀ ସାହୁ, ଶାନ୍ତି ସାହୁ, ଅନ୍ୟ ଉତ୍ତରାଧିକାରୀମାନେ ଜା: ତଣା ବା: ନିବାସୀ
